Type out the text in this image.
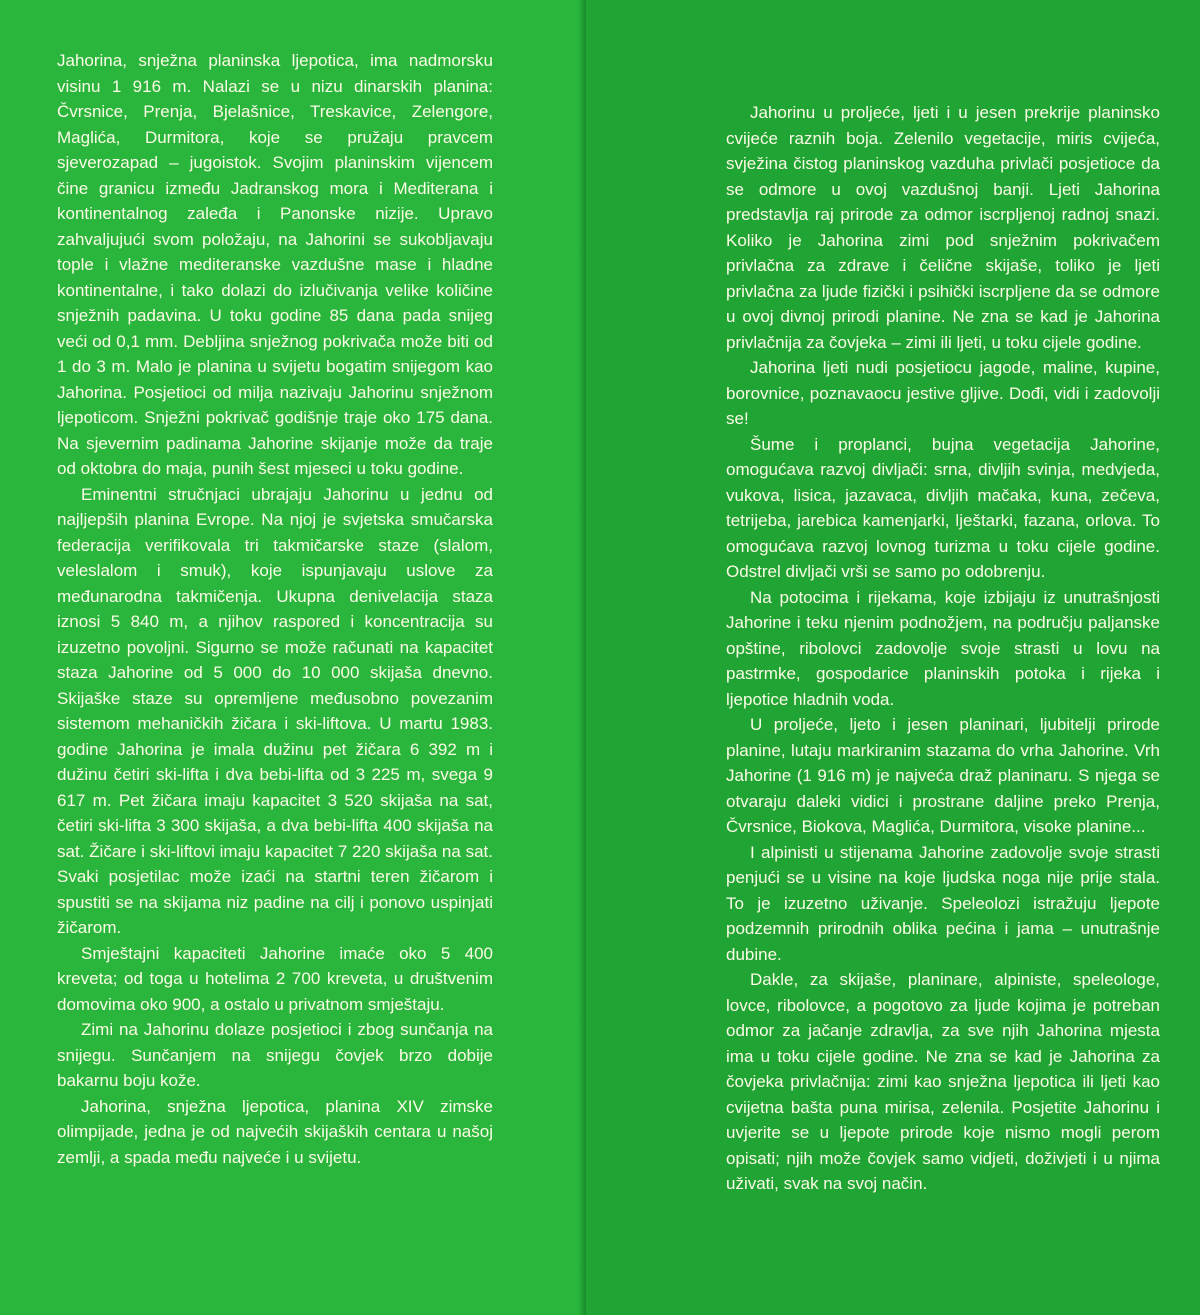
Jahorina, snježna planinska ljepotica, ima nadmorsku visinu 1 916 m. Nalazi se u nizu dinarskih planina: Čvrsnice, Prenja, Bjelašnice, Treskavice, Zelengore, Maglića, Durmitora, koje se pružaju pravcem sjeverozapad – jugoistok. Svojim planinskim vijencem čine granicu između Jadranskog mora i Mediterana i kontinentalnog zaleđa i Panonske nizije. Upravo zahvaljujući svom položaju, na Jahorini se sukobljavaju tople i vlažne mediteranske vazdušne mase i hladne kontinentalne, i tako dolazi do izlučivanja velike količine snježnih padavina. U toku godine 85 dana pada snijeg veći od 0,1 mm. Debljina snježnog pokrivača može biti od 1 do 3 m. Malo je planina u svijetu bogatim snijegom kao Jahorina. Posjetioci od milja nazivaju Jahorinu snježnom ljepoticom. Snježni pokrivač godišnje traje oko 175 dana. Na sjevernim padinama Jahorine skijanje može da traje od oktobra do maja, punih šest mjeseci u toku godine.

Eminentni stručnjaci ubrajaju Jahorinu u jednu od najljepših planina Evrope. Na njoj je svjetska smučarska federacija verifikovala tri takmičarske staze (slalom, veleslalom i smuk), koje ispunjavaju uslove za međunarodna takmičenja. Ukupna denivelacija staza iznosi 5 840 m, a njihov raspored i koncentracija su izuzetno povoljni. Sigurno se može računati na kapacitet staza Jahorine od 5 000 do 10 000 skijaša dnevno. Skijaške staze su opremljene međusobno povezanim sistemom mehaničkih žičara i ski-liftova. U martu 1983. godine Jahorina je imala dužinu pet žičara 6 392 m i dužinu četiri ski-lifta i dva bebi-lifta od 3 225 m, svega 9 617 m. Pet žičara imaju kapacitet 3 520 skijaša na sat, četiri ski-lifta 3 300 skijaša, a dva bebi-lifta 400 skijaša na sat. Žičare i ski-liftovi imaju kapacitet 7 220 skijaša na sat. Svaki posjetilac može izaći na startni teren žičarom i spustiti se na skijama niz padine na cilj i ponovo uspinjati žičarom.

Smještajni kapaciteti Jahorine imaće oko 5 400 kreveta; od toga u hotelima 2 700 kreveta, u društvenim domovima oko 900, a ostalo u privatnom smještaju.

Zimi na Jahorinu dolaze posjetioci i zbog sunčanja na snijegu. Sunčanjem na snijegu čovjek brzo dobije bakarnu boju kože.

Jahorina, snježna ljepotica, planina XIV zimske olimpijade, jedna je od najvećih skijaških centara u našoj zemlji, a spada među najveće i u svijetu.

Jahorinu u proljeće, ljeti i u jesen prekrije planinsko cvijeće raznih boja. Zelenilo vegetacije, miris cvijeća, svježina čistog planinskog vazduha privlači posjetioce da se odmore u ovoj vazdušnoj banji. Ljeti Jahorina predstavlja raj prirode za odmor iscrpljenoj radnoj snazi. Koliko je Jahorina zimi pod snježnim pokrivačem privlačna za zdrave i čelične skijaše, toliko je ljeti privlačna za ljude fizički i psihički iscrpljene da se odmore u ovoj divnoj prirodi planine. Ne zna se kad je Jahorina privlačnija za čovjeka – zimi ili ljeti, u toku cijele godine.

Jahorina ljeti nudi posjetiocu jagode, maline, kupine, borovnice, poznavaocu jestive gljive. Dođi, vidi i zadovolji se!

Šume i proplanci, bujna vegetacija Jahorine, omogućava razvoj divljači: srna, divljih svinja, medvjeda, vukova, lisica, jazavaca, divljih mačaka, kuna, zečeva, tetrijeba, jarebica kamenjarki, lještarki, fazana, orlova. To omogućava razvoj lovnog turizma u toku cijele godine. Odstrel divljači vrši se samo po odobrenju.

Na potocima i rijekama, koje izbijaju iz unutrašnjosti Jahorine i teku njenim podnožjem, na području paljanske opštine, ribolovci zadovolje svoje strasti u lovu na pastrmke, gospodarice planinskih potoka i rijeka i ljepotice hladnih voda.

U proljeće, ljeto i jesen planinari, ljubitelji prirode planine, lutaju markiranim stazama do vrha Jahorine. Vrh Jahorine (1 916 m) je najveća draž planinaru. S njega se otvaraju daleki vidici i prostrane daljine preko Prenja, Čvrsnice, Biokova, Maglića, Durmitora, visoke planine...

I alpinisti u stijenama Jahorine zadovolje svoje strasti penjući se u visine na koje ljudska noga nije prije stala. To je izuzetno uživanje. Speleolozi istražuju ljepote podzemnih prirodnih oblika pećina i jama – unutrašnje dubine.

Dakle, za skijaše, planinare, alpiniste, speleologe, lovce, ribolovce, a pogotovo za ljude kojima je potreban odmor za jačanje zdravlja, za sve njih Jahorina mjesta ima u toku cijele godine. Ne zna se kad je Jahorina za čovjeka privlačnija: zimi kao snježna ljepotica ili ljeti kao cvijetna bašta puna mirisa, zelenila. Posjetite Jahorinu i uvjerite se u ljepote prirode koje nismo mogli perom opisati; njih može čovjek samo vidjeti, doživjeti i u njima uživati, svak na svoj način.
